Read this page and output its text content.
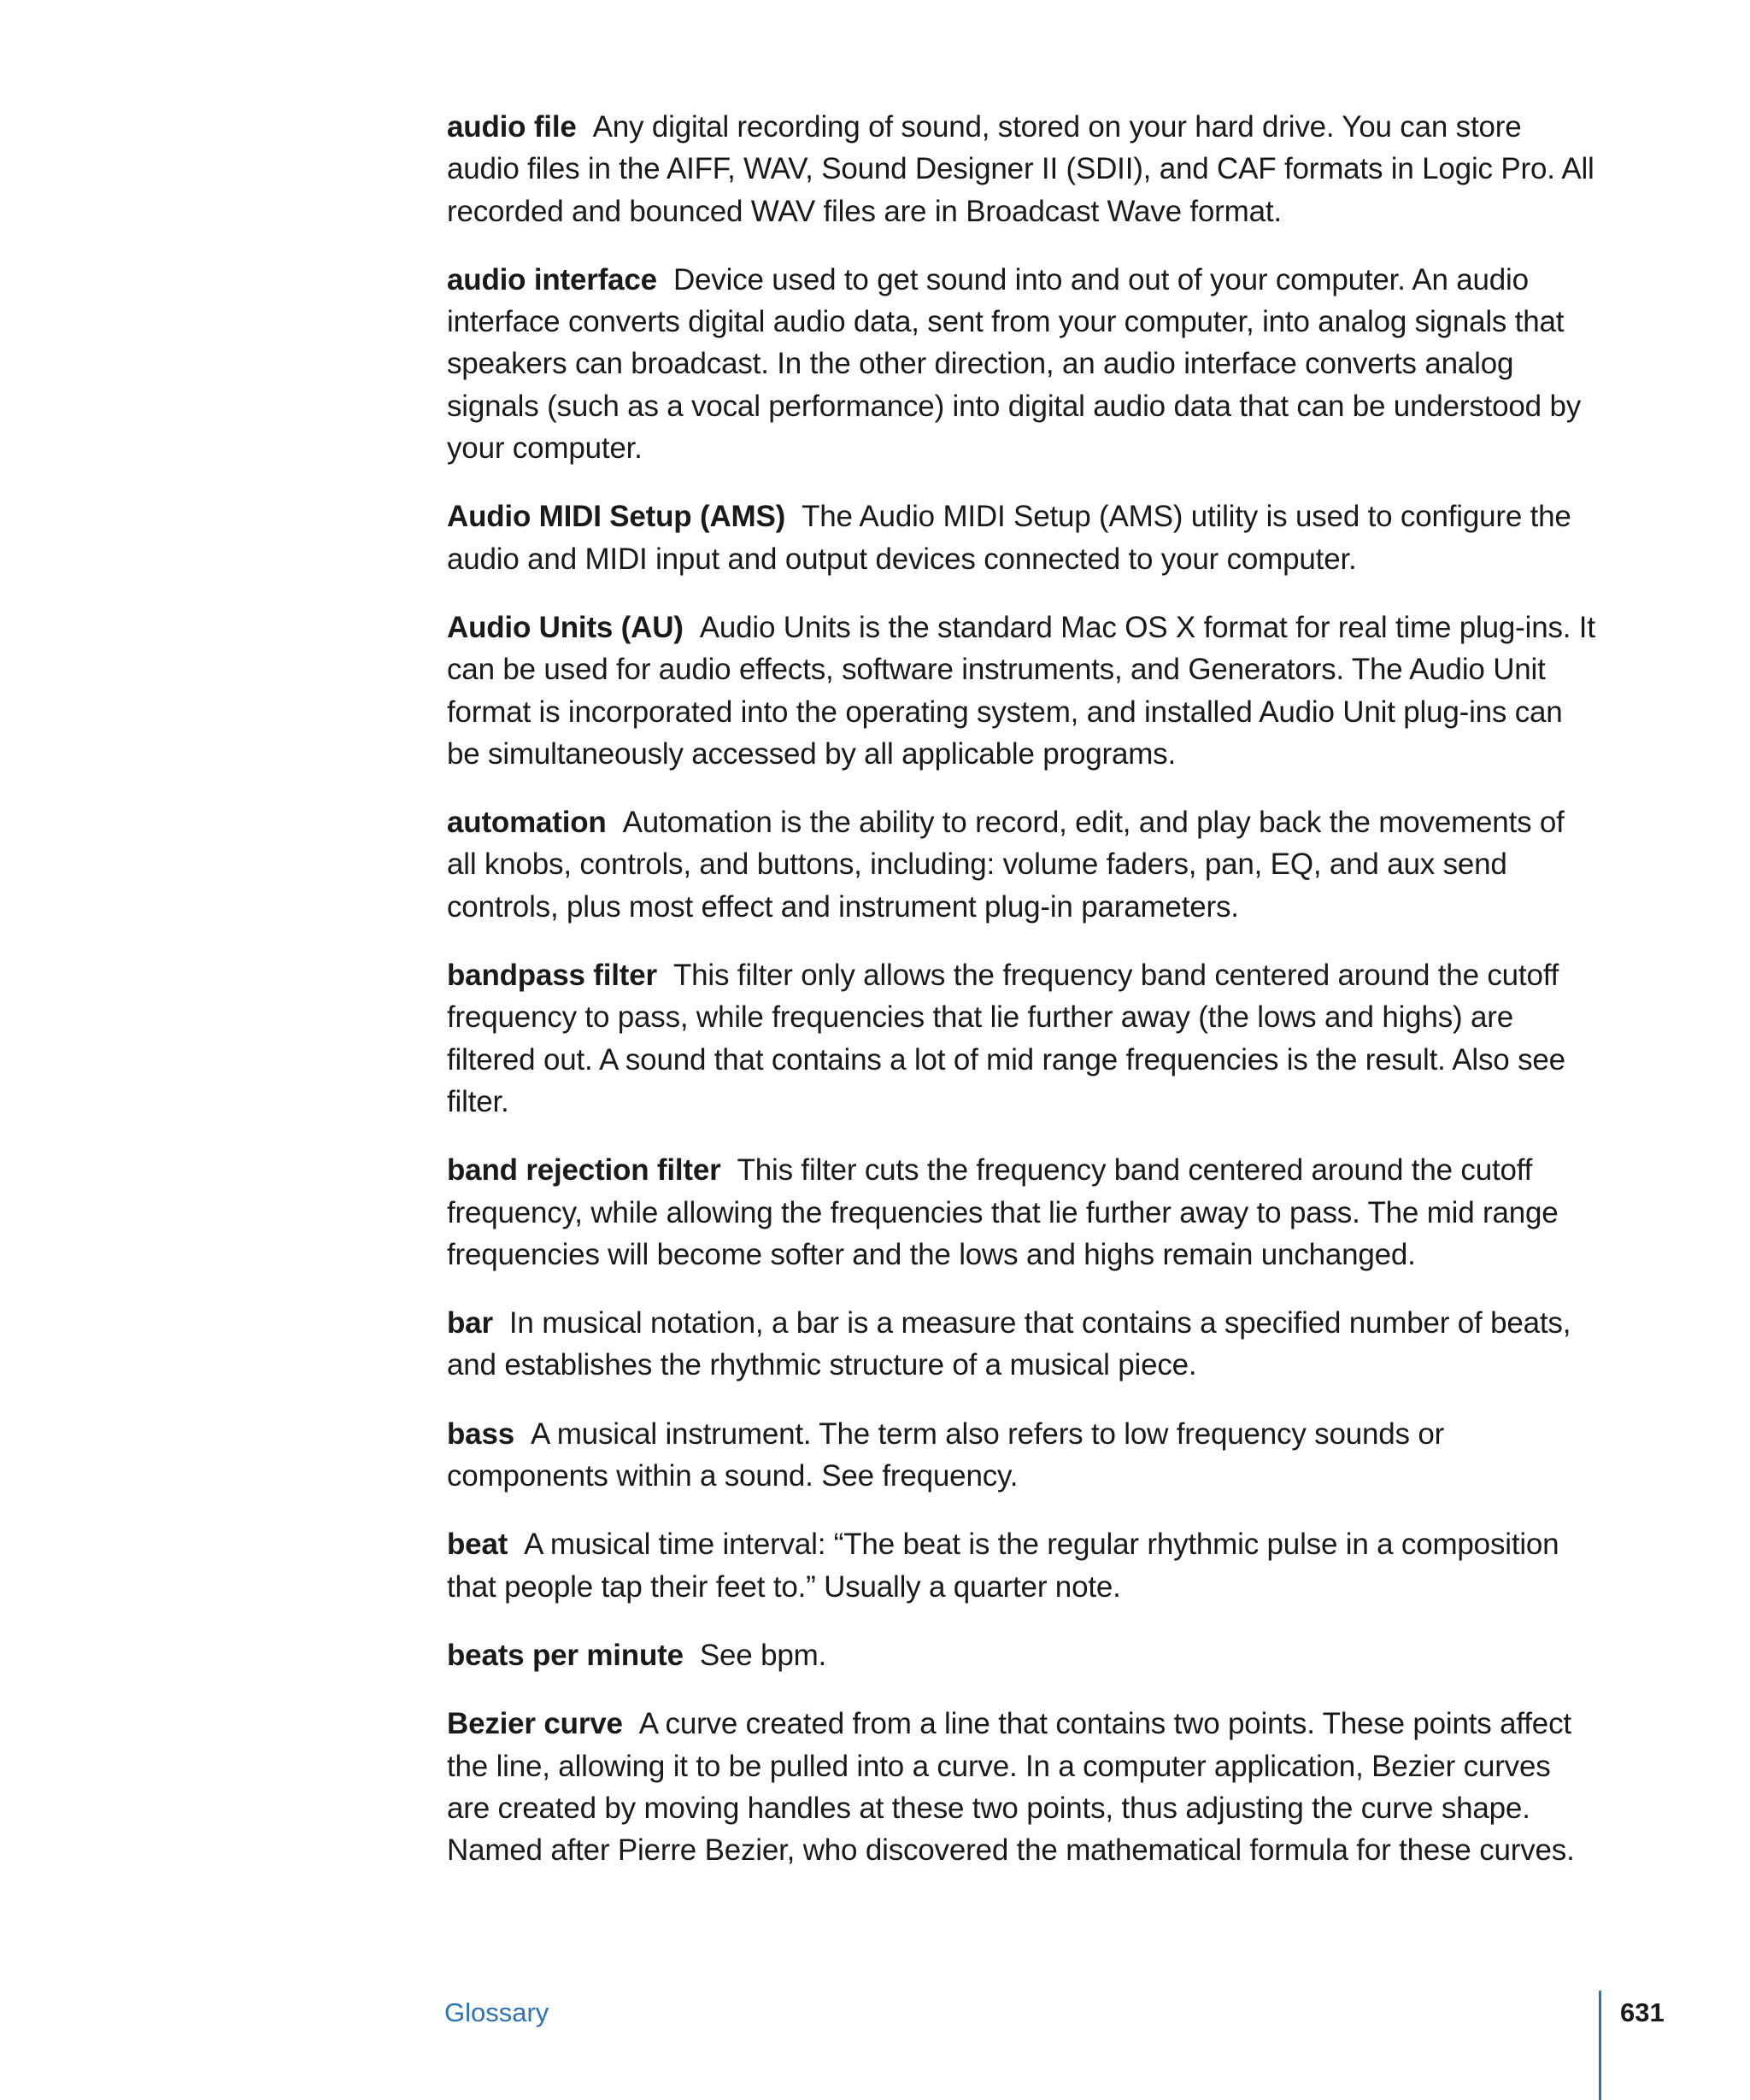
audio file Any digital recording of sound, stored on your hard drive. You can store audio files in the AIFF, WAV, Sound Designer II (SDII), and CAF formats in Logic Pro. All recorded and bounced WAV files are in Broadcast Wave format.

audio interface Device used to get sound into and out of your computer. An audio interface converts digital audio data, sent from your computer, into analog signals that speakers can broadcast. In the other direction, an audio interface converts analog signals (such as a vocal performance) into digital audio data that can be understood by your computer.

Audio MIDI Setup (AMS) The Audio MIDI Setup (AMS) utility is used to configure the audio and MIDI input and output devices connected to your computer.

Audio Units (AU) Audio Units is the standard Mac OS X format for real time plug-ins. It can be used for audio effects, software instruments, and Generators. The Audio Unit format is incorporated into the operating system, and installed Audio Unit plug-ins can be simultaneously accessed by all applicable programs.

automation Automation is the ability to record, edit, and play back the movements of all knobs, controls, and buttons, including: volume faders, pan, EQ, and aux send controls, plus most effect and instrument plug-in parameters.

bandpass filter This filter only allows the frequency band centered around the cutoff frequency to pass, while frequencies that lie further away (the lows and highs) are filtered out. A sound that contains a lot of mid range frequencies is the result. Also see filter.

band rejection filter This filter cuts the frequency band centered around the cutoff frequency, while allowing the frequencies that lie further away to pass. The mid range frequencies will become softer and the lows and highs remain unchanged.

bar In musical notation, a bar is a measure that contains a specified number of beats, and establishes the rhythmic structure of a musical piece.

bass A musical instrument. The term also refers to low frequency sounds or components within a sound. See frequency.

beat A musical time interval: “The beat is the regular rhythmic pulse in a composition that people tap their feet to.” Usually a quarter note.

beats per minute See bpm.

Bezier curve A curve created from a line that contains two points. These points affect the line, allowing it to be pulled into a curve. In a computer application, Bezier curves are created by moving handles at these two points, thus adjusting the curve shape. Named after Pierre Bezier, who discovered the mathematical formula for these curves.

Glossary	631
